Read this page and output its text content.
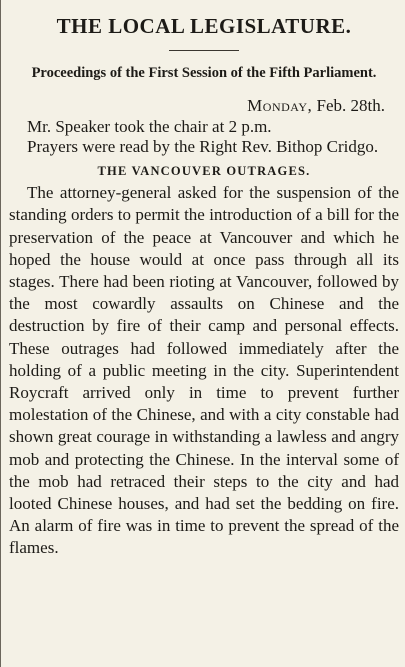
THE LOCAL LEGISLATURE.
Proceedings of the First Session of the Fifth Parliament.
Monday, Feb. 28th.

Mr. Speaker took the chair at 2 p.m.

Prayers were read by the Right Rev. Bithop Cridgo.

THE VANCOUVER OUTRAGES.

The attorney-general asked for the suspension of the standing orders to permit the introduction of a bill for the preservation of the peace at Vancouver and which he hoped the house would at once pass through all its stages. There had been rioting at Vancouver, followed by the most cowardly assaults on Chinese and the destruction by fire of their camp and personal effects. These outrages had followed immediately after the holding of a public meeting in the city. Superintendent Roycraft arrived only in time to prevent further molestation of the Chinese, and with a city constable had shown great courage in withstanding a lawless and angry mob and protecting the Chinese. In the interval some of the mob had retraced their steps to the city and had looted Chinese houses, and had set the bedding on fire. An alarm of fire was in time to prevent the spread of the flames.
